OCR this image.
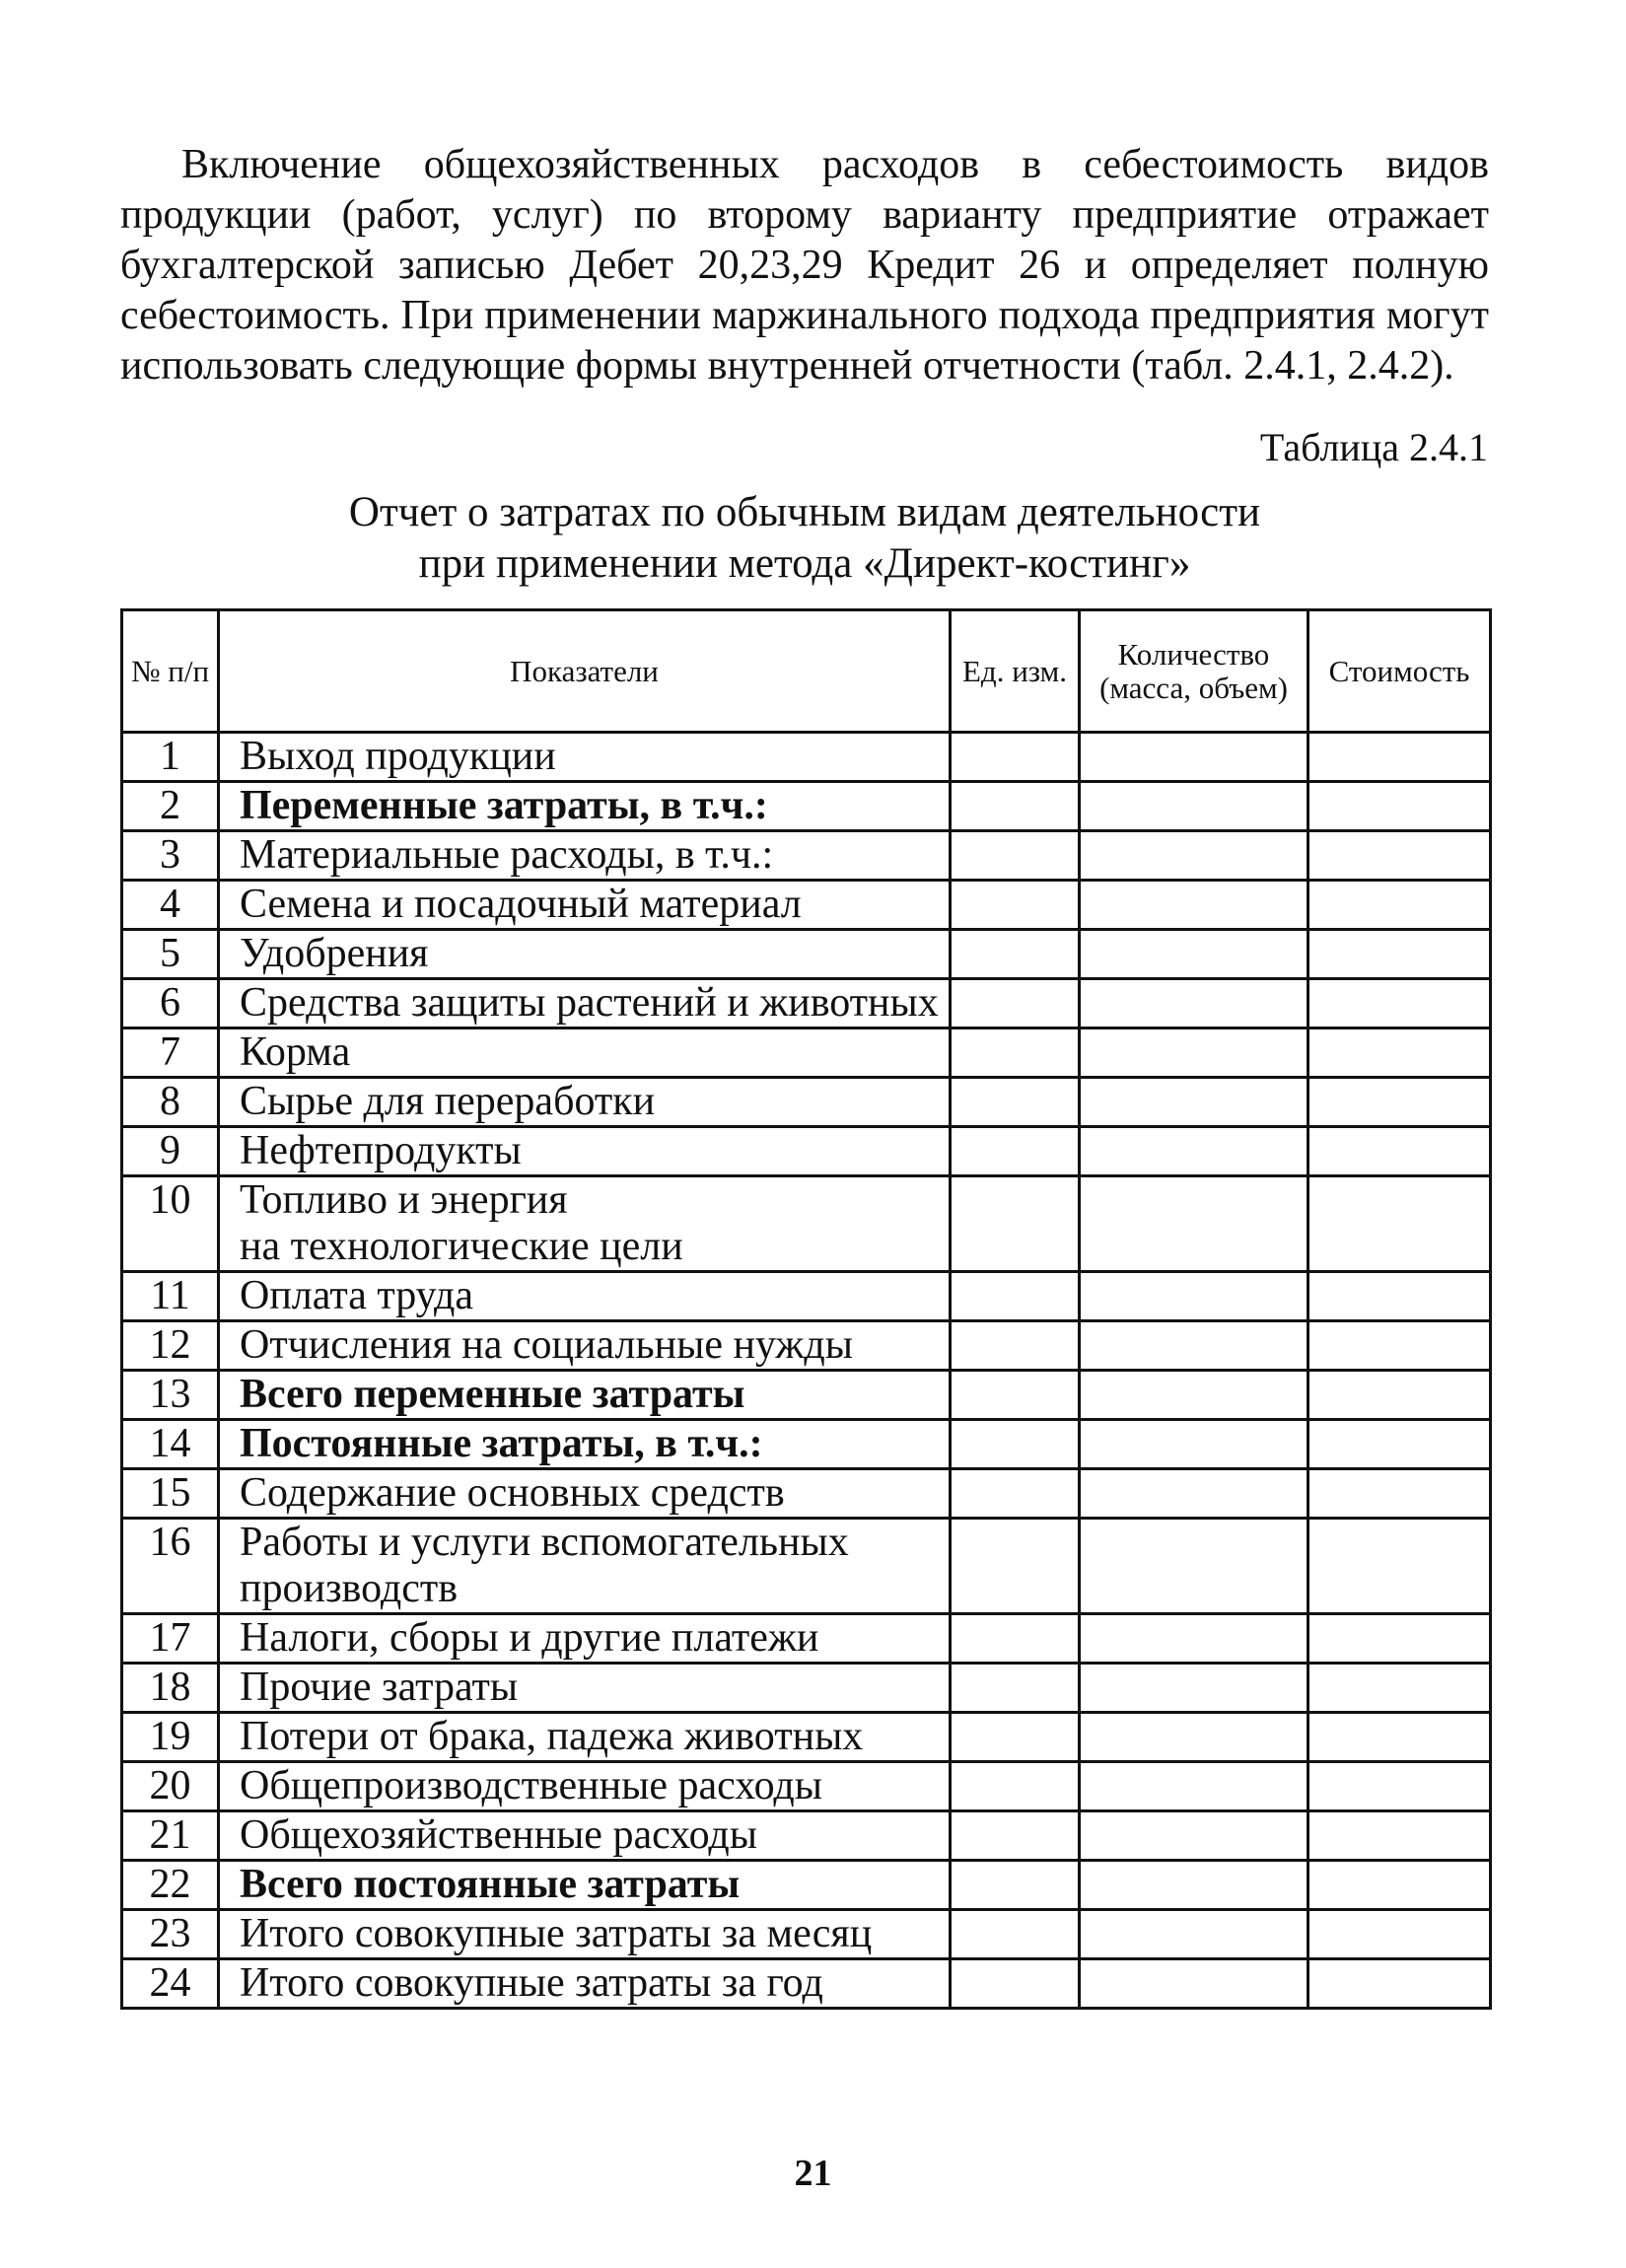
Включение общехозяйственных расходов в себестоимость видов продукции (работ, услуг) по второму варианту предприятие отражает бухгалтерской записью Дебет 20,23,29 Кредит 26 и определяет полную себестоимость. При применении маржинального подхода предприятия могут использовать следующие формы внутренней отчетности (табл. 2.4.1, 2.4.2).

Таблица 2.4.1
Отчет о затратах по обычным видам деятельности
при применении метода «Директ-костинг»
№ п/п	Показатели	Ед. изм.	Количество (масса, объем)	Стоимость
1	Выход продукции			
2	Переменные затраты, в т.ч.:			
3	Материальные расходы, в т.ч.:			
4	Семена и посадочный материал			
5	Удобрения			
6	Средства защиты растений и животных			
7	Корма			
8	Сырье для переработки			
9	Нефтепродукты			
10	Топливо и энергия
на технологические цели			
11	Оплата труда			
12	Отчисления на социальные нужды			
13	Всего переменные затраты			
14	Постоянные затраты, в т.ч.:			
15	Содержание основных средств			
16	Работы и услуги вспомогательных производств			
17	Налоги, сборы и другие платежи			
18	Прочие затраты			
19	Потери от брака, падежа животных			
20	Общепроизводственные расходы			
21	Общехозяйственные расходы			
22	Всего постоянные затраты			
23	Итого совокупные затраты за месяц			
24	Итого совокупные затраты за год			
21
